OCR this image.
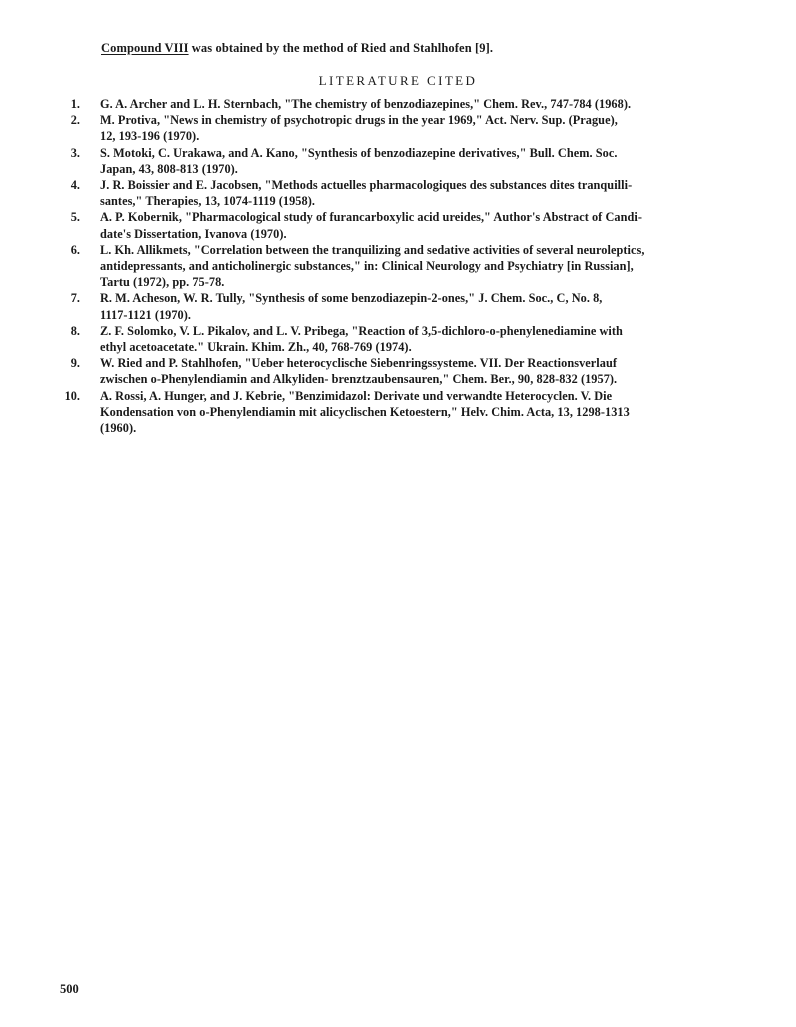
Compound VIII was obtained by the method of Ried and Stahlhofen [9].
LITERATURE CITED
1. G. A. Archer and L. H. Sternbach, "The chemistry of benzodiazepines," Chem. Rev., 747-784 (1968).
2. M. Protiva, "News in chemistry of psychotropic drugs in the year 1969," Act. Nerv. Sup. (Prague),
12, 193-196 (1970).
3. S. Motoki, C. Urakawa, and A. Kano, "Synthesis of benzodiazepine derivatives," Bull. Chem. Soc.
Japan, 43, 808-813 (1970).
4. J. R. Boissier and E. Jacobsen, "Methods actuelles pharmacologiques des substances dites tranquilli-
santes," Therapies, 13, 1074-1119 (1958).
5. A. P. Kobernik, "Pharmacological study of furancarboxylic acid ureides," Author's Abstract of Candi-
date's Dissertation, Ivanova (1970).
6. L. Kh. Allikmets, "Correlation between the tranquilizing and sedative activities of several neuroleptics,
antidepressants, and anticholinergic substances," in: Clinical Neurology and Psychiatry [in Russian],
Tartu (1972), pp. 75-78.
7. R. M. Acheson, W. R. Tully, "Synthesis of some benzodiazepin-2-ones," J. Chem. Soc., C, No. 8,
1117-1121 (1970).
8. Z. F. Solomko, V. L. Pikalov, and L. V. Pribega, "Reaction of 3,5-dichloro-o-phenylenediamine with
ethyl acetoacetate." Ukrain. Khim. Zh., 40, 768-769 (1974).
9. W. Ried and P. Stahlhofen, "Ueber heterocyclische Siebenringssysteme. VII. Der Reactionsverlauf
zwischen o-Phenylendiamin and Alkyliden- brenztzaubensauren," Chem. Ber., 90, 828-832 (1957).
10. A. Rossi, A. Hunger, and J. Kebrie, "Benzimidazol: Derivate und verwandte Heterocyclen. V. Die
Kondensation von o-Phenylendiamin mit alicyclischen Ketoestern," Helv. Chim. Acta, 13, 1298-1313
(1960).
500
